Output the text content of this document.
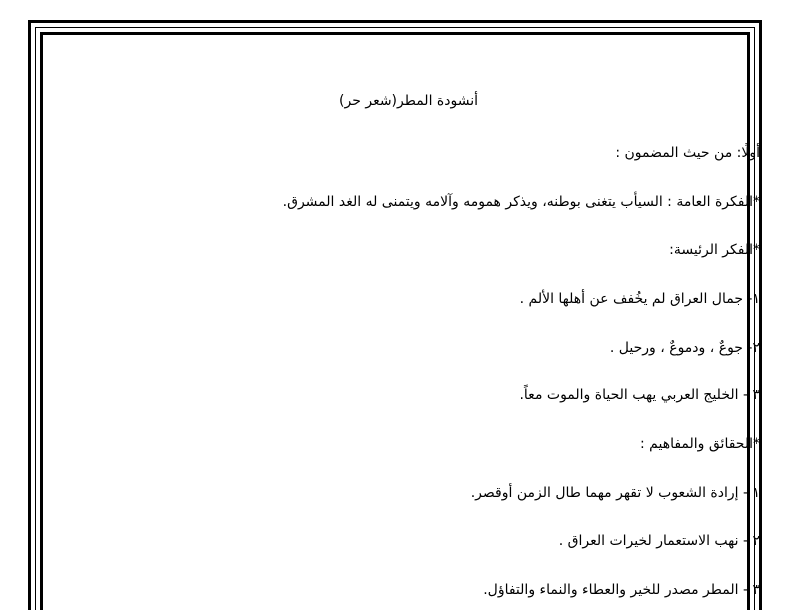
أنشودة المطر(شعر حر)
أولًا: من حيث المضمون :
*الفكرة العامة : السيأب يتغنى بوطنه، ويذكر همومه وآلامه ويتمنى له الغد المشرق.
*الفكر الرئيسة:
١- جمال العراق لم يخُفف عن أهلها الألم .
٢- جوعٌ ، ودموعٌ ، ورحيل .
٣ - الخليج العربي يهب الحياة والموت معاً.
*الحقائق والمفاهيم :
١ - إرادة الشعوب لا تقهر مهما طال الزمن أوقصر.
٢ - نهب الاستعمار لخيرات العراق .
٣ - المطر مصدر للخير والعطاء والنماء والتفاؤل.
